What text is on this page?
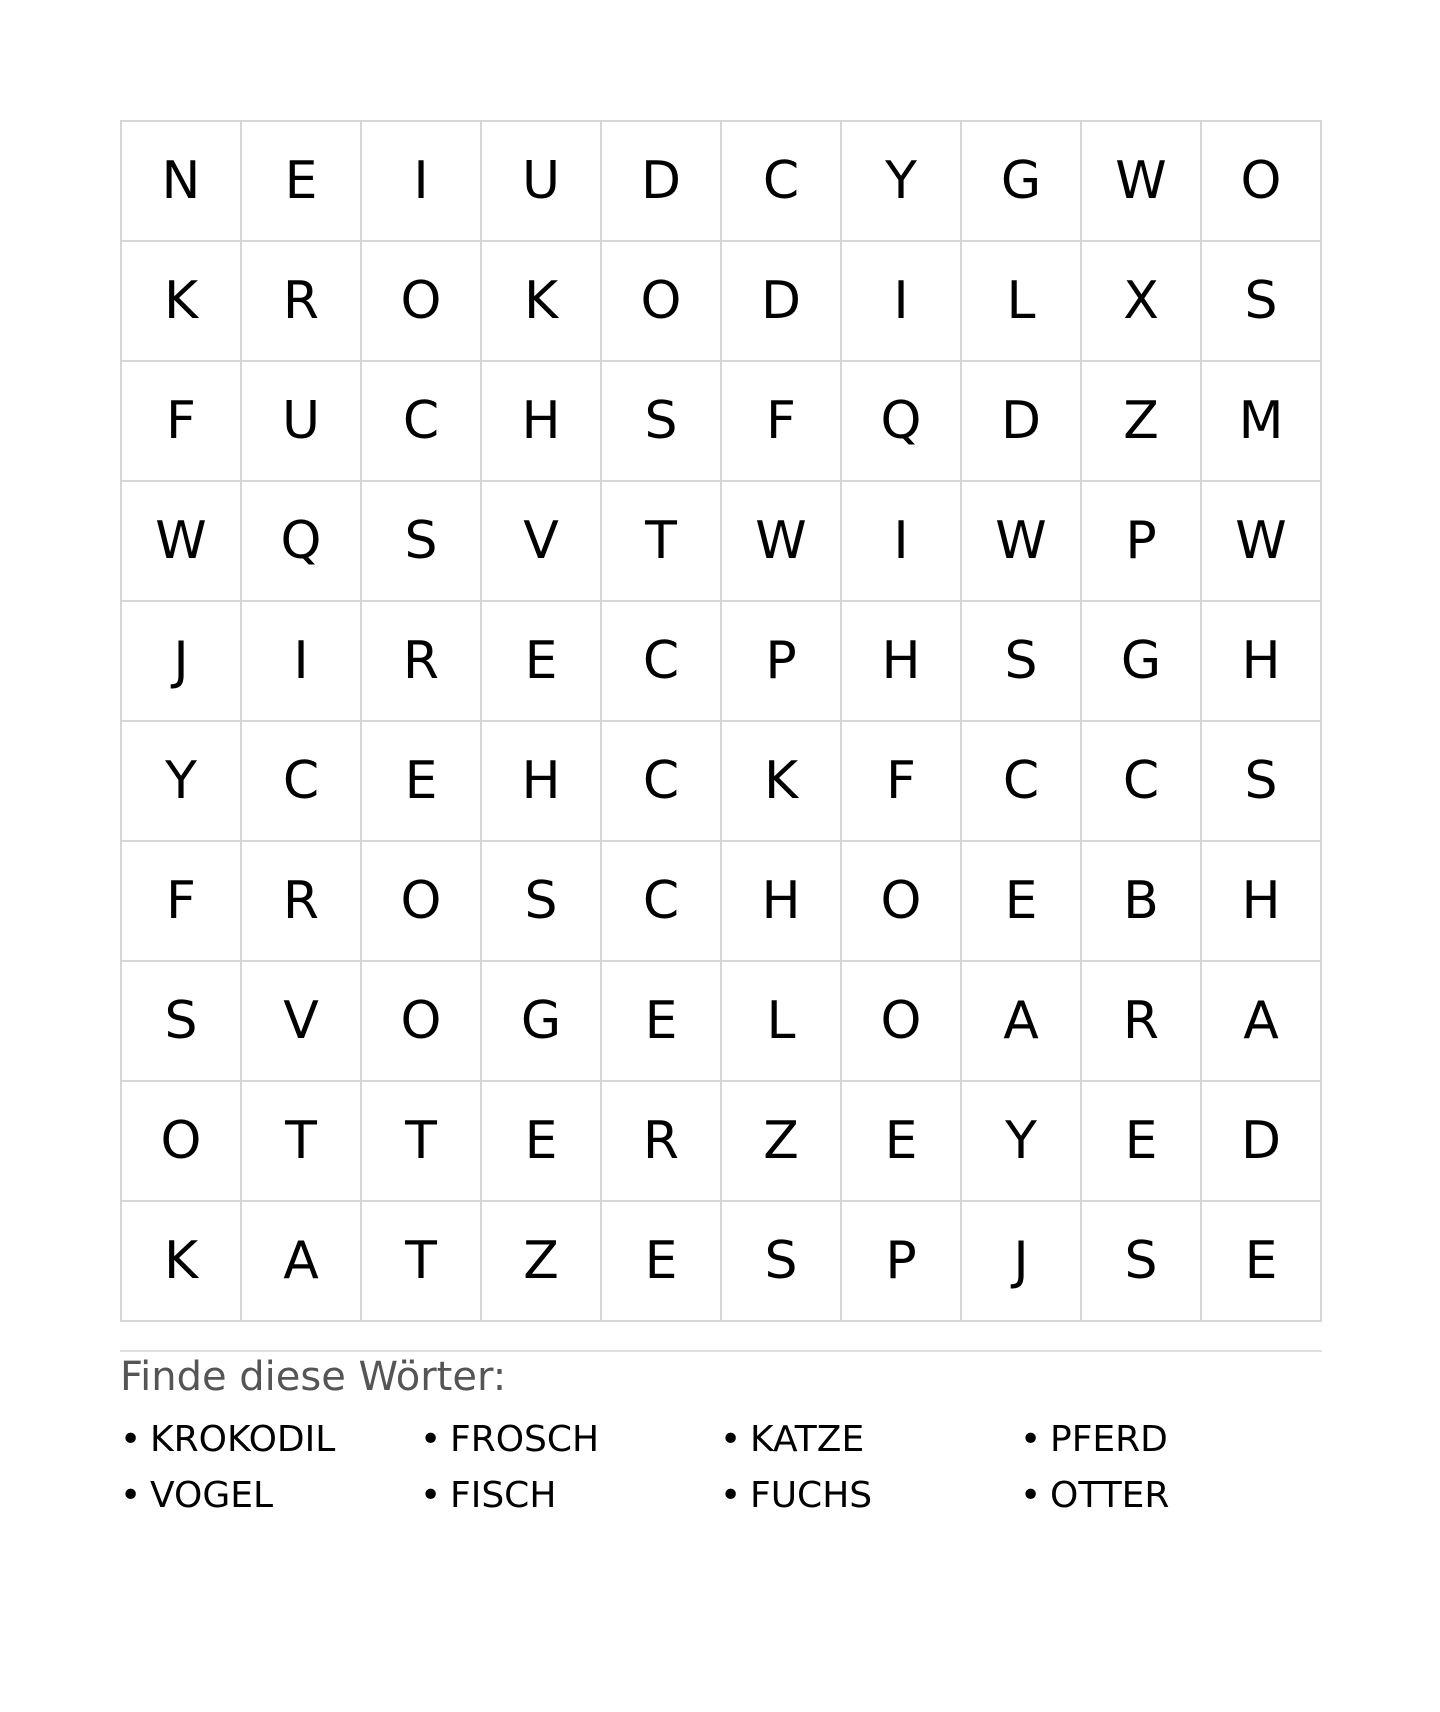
N	E	I	U	D	C	Y	G	W	O
K	R	O	K	O	D	I	L	X	S
F	U	C	H	S	F	Q	D	Z	M
W	Q	S	V	T	W	I	W	P	W
J	I	R	E	C	P	H	S	G	H
Y	C	E	H	C	K	F	C	C	S
F	R	O	S	C	H	O	E	B	H
S	V	O	G	E	L	O	A	R	A
O	T	T	E	R	Z	E	Y	E	D
K	A	T	Z	E	S	P	J	S	E
Finde diese Wörter:
• KROKODIL	• FROSCH	• KATZE	• PFERD
• VOGEL	• FISCH	• FUCHS	• OTTER
